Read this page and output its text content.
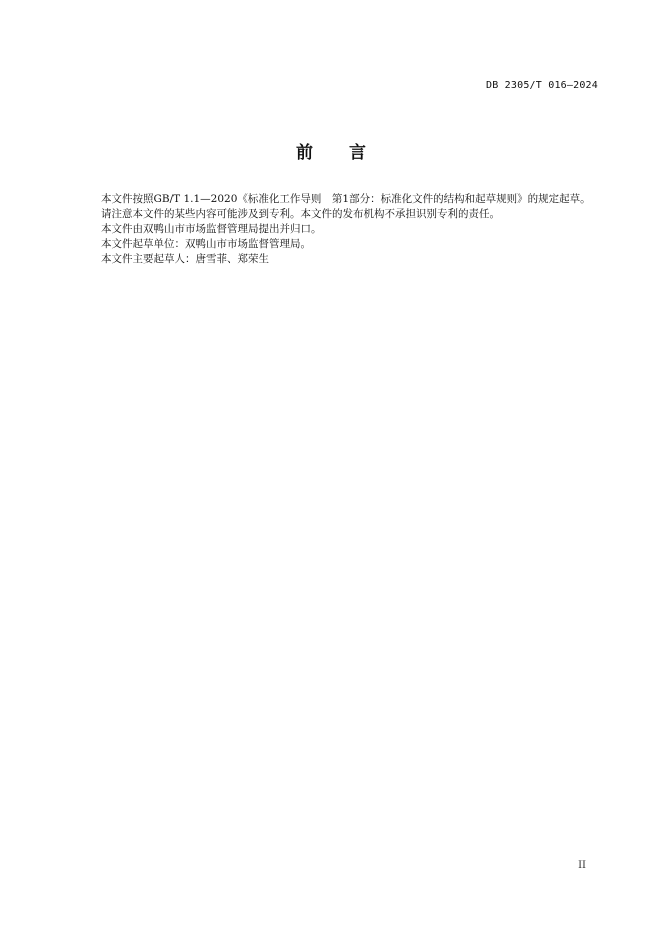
DB 2305/T 016—2024
前 言

本文件按照GB/T 1.1—2020《标准化工作导则　第1部分：标准化文件的结构和起草规则》的规定起草。

请注意本文件的某些内容可能涉及到专利。本文件的发布机构不承担识别专利的责任。

本文件由双鸭山市市场监督管理局提出并归口。

本文件起草单位：双鸭山市市场监督管理局。

本文件主要起草人：唐雪菲、郑荣生

II
